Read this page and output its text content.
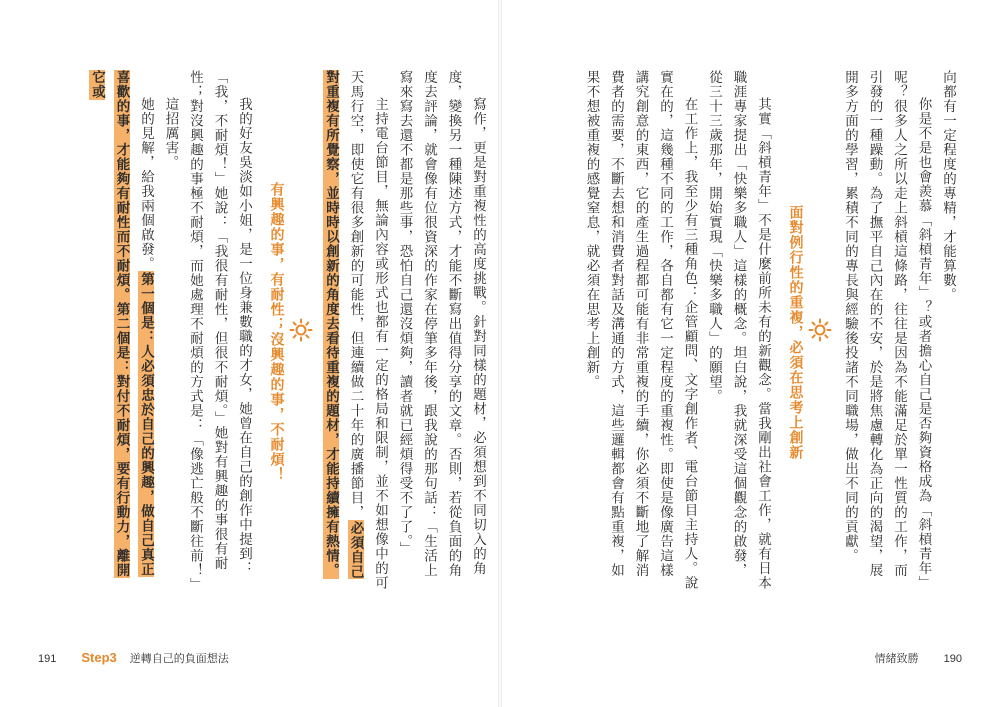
寫作，更是對重複性的高度挑戰。針對同樣的題材，必須想到不同切入的角度，變換另一種陳述方式，才能不斷寫出值得分享的文章。否則，若從負面的角度去評論，就會像有位很資深的作家在停筆多年後，跟我說的那句話：「生活上寫來寫去還不都是那些事，恐怕自己還沒煩夠，讀者就已經煩得受不了了。」

主持電台節目，無論內容或形式也都有一定的格局和限制，並不如想像中的可天馬行空，即使它有很多創新的可能性，但連續做二十年的廣播節目，必須自己對重複有所覺察，並時時以創新的角度去看待重複的題材，才能持續擁有熱情。

有興趣的事，有耐性；沒興趣的事，不耐煩！

我的好友吳淡如小姐，是一位身兼數職的才女，她曾在自己的創作中提到：「我，不耐煩！」她說：「我很有耐性，但很不耐煩。」她對有興趣的事很有耐性；對沒興趣的事極不耐煩，而她處理不耐煩的方式是：「像逃亡般不斷往前！」

這招厲害。

她的見解，給我兩個啟發。第一個是：人必須忠於自己的興趣，做自己真正喜歡的事，才能夠有耐性而不耐煩。第二個是：對付不耐煩，要有行動力，離開它或

191 Step3 逆轉自己的負面想法

向都有一定程度的專精，才能算數。

你是不是也會羨慕「斜槓青年」？或者擔心自己是否夠資格成為「斜槓青年」呢？很多人之所以走上斜槓這條路，往往是因為不能滿足於單一性質的工作，而引發的一種躁動。為了撫平自己內在的不安，於是將焦慮轉化為正向的渴望，展開多方面的學習，累積不同的專長與經驗後投諸不同職場，做出不同的貢獻。

面對例行性的重複，必須在思考上創新

其實「斜槓青年」不是什麼前所未有的新觀念。當我剛出社會工作，就有日本職涯專家提出「快樂多職人」這樣的概念。坦白說，我就深受這個觀念的啟發，從三十三歲那年，開始實現「快樂多職人」的願望。

在工作上，我至少有三種角色：企管顧問、文字創作者、電台節目主持人。說實在的，這幾種不同的工作，各自都有它一定程度的重複性。即使是像廣告這樣講究創意的東西，它的產生過程都可能有非常重複的手續，你必須不斷地了解消費者的需要，不斷去想和消費者對話及溝通的方式，這些邏輯都會有點重複，如果不想被重複的感覺窒息，就必須在思考上創新。

情緒致勝 190
